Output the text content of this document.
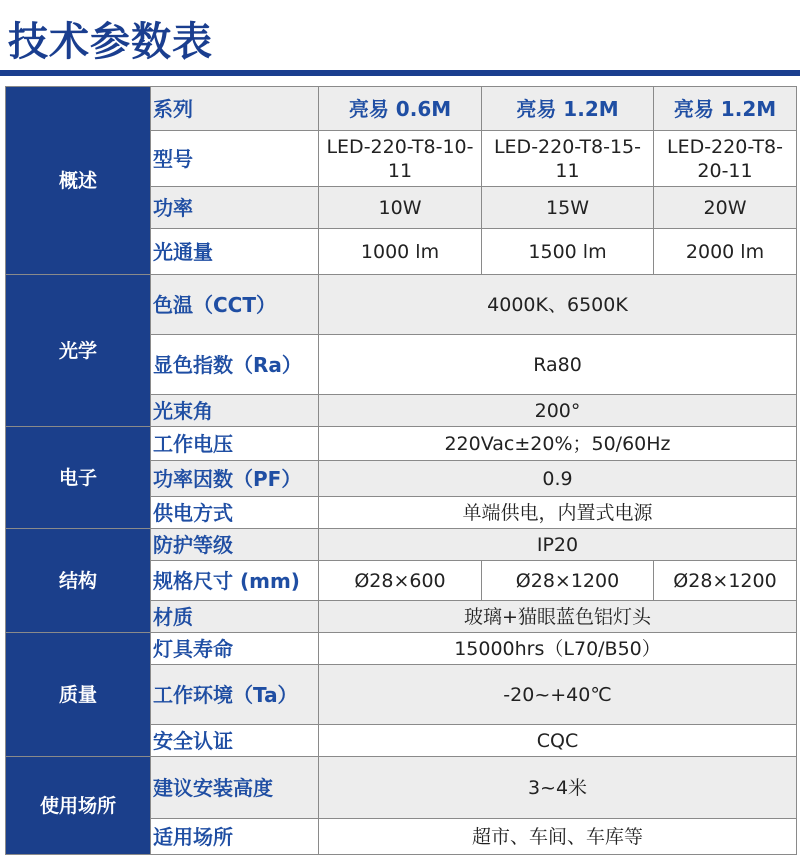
技术参数表
概述	系列	亮易 0.6M	亮易 1.2M	亮易 1.2M
	型号	LED-220-T8-10-11	LED-220-T8-15-11	LED-220-T8-20-11
	功率	10W	15W	20W
	光通量	1000 lm	1500 lm	2000 lm
光学	色温（CCT）	4000K、6500K		
	显色指数（Ra）	Ra80		
	光束角	200°		
电子	工作电压	220Vac±20%；50/60Hz		
	功率因数（PF）	0.9		
	供电方式	单端供电，内置式电源		
结构	防护等级	IP20		
	规格尺寸 (mm)	Ø28×600	Ø28×1200	Ø28×1200
	材质	玻璃+猫眼蓝色铝灯头		
质量	灯具寿命	15000hrs（L70/B50）		
	工作环境（Ta）	-20~+40℃		
	安全认证	CQC		
使用场所	建议安装高度	3~4米		
	适用场所	超市、车间、车库等		
